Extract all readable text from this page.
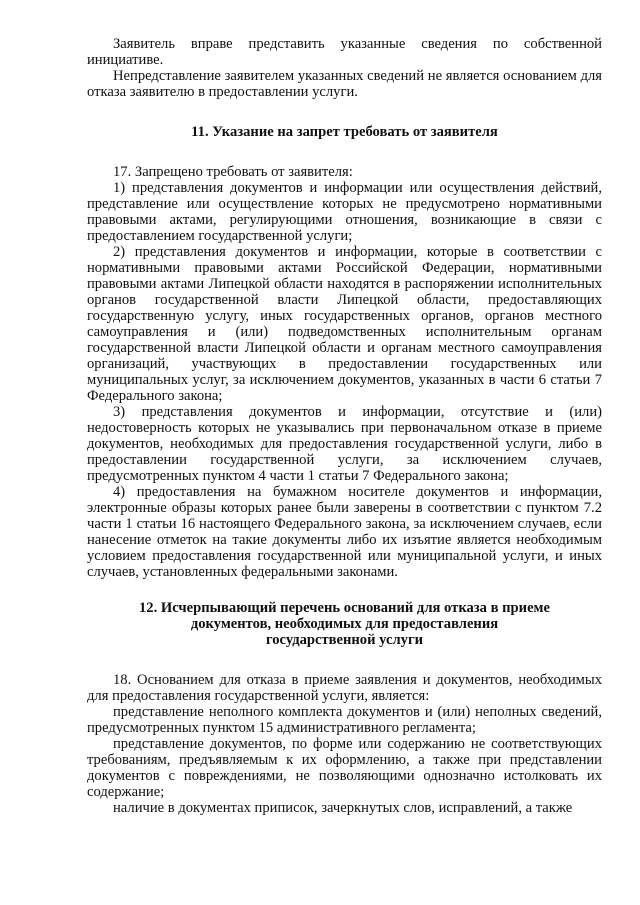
Заявитель вправе представить указанные сведения по собственной инициативе.

Непредставление заявителем указанных сведений не является основанием для отказа заявителю в предоставлении услуги.

11. Указание на запрет требовать от заявителя

17. Запрещено требовать от заявителя:

1) представления документов и информации или осуществления действий, представление или осуществление которых не предусмотрено нормативными правовыми актами, регулирующими отношения, возникающие в связи с предоставлением государственной услуги;

2) представления документов и информации, которые в соответствии с нормативными правовыми актами Российской Федерации, нормативными правовыми актами Липецкой области находятся в распоряжении исполнительных органов государственной власти Липецкой области, предоставляющих государственную услугу, иных государственных органов, органов местного самоуправления и (или) подведомственных исполнительным органам государственной власти Липецкой области и органам местного самоуправления организаций, участвующих в предоставлении государственных или муниципальных услуг, за исключением документов, указанных в части 6 статьи 7 Федерального закона;

3) представления документов и информации, отсутствие и (или) недостоверность которых не указывались при первоначальном отказе в приеме документов, необходимых для предоставления государственной услуги, либо в предоставлении государственной услуги, за исключением случаев, предусмотренных пунктом 4 части 1 статьи 7 Федерального закона;

4) предоставления на бумажном носителе документов и информации, электронные образы которых ранее были заверены в соответствии с пунктом 7.2 части 1 статьи 16 настоящего Федерального закона, за исключением случаев, если нанесение отметок на такие документы либо их изъятие является необходимым условием предоставления государственной или муниципальной услуги, и иных случаев, установленных федеральными законами.

12. Исчерпывающий перечень оснований для отказа в приеме

документов, необходимых для предоставления

государственной услуги

18. Основанием для отказа в приеме заявления и документов, необходимых для предоставления государственной услуги, является:

представление неполного комплекта документов и (или) неполных сведений, предусмотренных пунктом 15 административного регламента;

представление документов, по форме или содержанию не соответствующих требованиям, предъявляемым к их оформлению, а также при представлении документов с повреждениями, не позволяющими однозначно истолковать их содержание;

наличие в документах приписок, зачеркнутых слов, исправлений, а также
